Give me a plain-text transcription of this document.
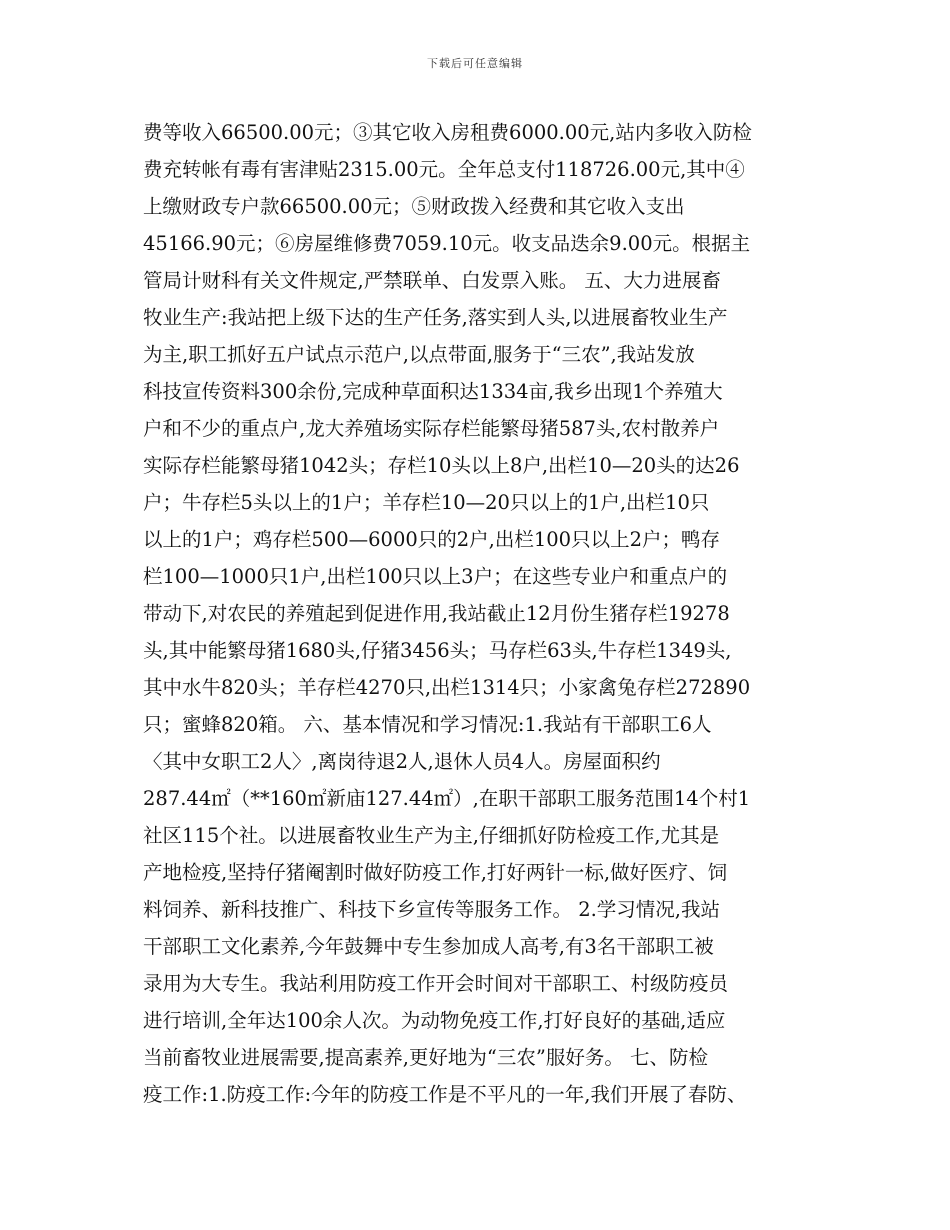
下载后可任意编辑
费等收入66500.00元；③其它收入房租费6000.00元,站内多收入防检
费充转帐有毒有害津贴2315.00元。全年总支付118726.00元,其中④
上缴财政专户款66500.00元；⑤财政拨入经费和其它收入支出
45166.90元；⑥房屋维修费7059.10元。收支品迭余9.00元。根据主
管局计财科有关文件规定,严禁联单、白发票入账。 五、大力进展畜
牧业生产:我站把上级下达的生产任务,落实到人头,以进展畜牧业生产
为主,职工抓好五户试点示范户,以点带面,服务于“三农”,我站发放
科技宣传资料300余份,完成种草面积达1334亩,我乡出现1个养殖大
户和不少的重点户,龙大养殖场实际存栏能繁母猪587头,农村散养户
实际存栏能繁母猪1042头；存栏10头以上8户,出栏10—20头的达26
户；牛存栏5头以上的1户；羊存栏10—20只以上的1户,出栏10只
以上的1户；鸡存栏500—6000只的2户,出栏100只以上2户；鸭存
栏100—1000只1户,出栏100只以上3户；在这些专业户和重点户的
带动下,对农民的养殖起到促进作用,我站截止12月份生猪存栏19278
头,其中能繁母猪1680头,仔猪3456头；马存栏63头,牛存栏1349头,
其中水牛820头；羊存栏4270只,出栏1314只；小家禽兔存栏272890
只；蜜蜂820箱。 六、基本情况和学习情况:1.我站有干部职工6人
〈其中女职工2人〉,离岗待退2人,退休人员4人。房屋面积约
287.44㎡（**160㎡新庙127.44㎡）,在职干部职工服务范围14个村1
社区115个社。以进展畜牧业生产为主,仔细抓好防检疫工作,尤其是
产地检疫,坚持仔猪阉割时做好防疫工作,打好两针一标,做好医疗、饲
料饲养、新科技推广、科技下乡宣传等服务工作。 2.学习情况,我站
干部职工文化素养,今年鼓舞中专生参加成人高考,有3名干部职工被
录用为大专生。我站利用防疫工作开会时间对干部职工、村级防疫员
进行培训,全年达100余人次。为动物免疫工作,打好良好的基础,适应
当前畜牧业进展需要,提高素养,更好地为“三农”服好务。 七、防检
疫工作:1.防疫工作:今年的防疫工作是不平凡的一年,我们开展了春防、
